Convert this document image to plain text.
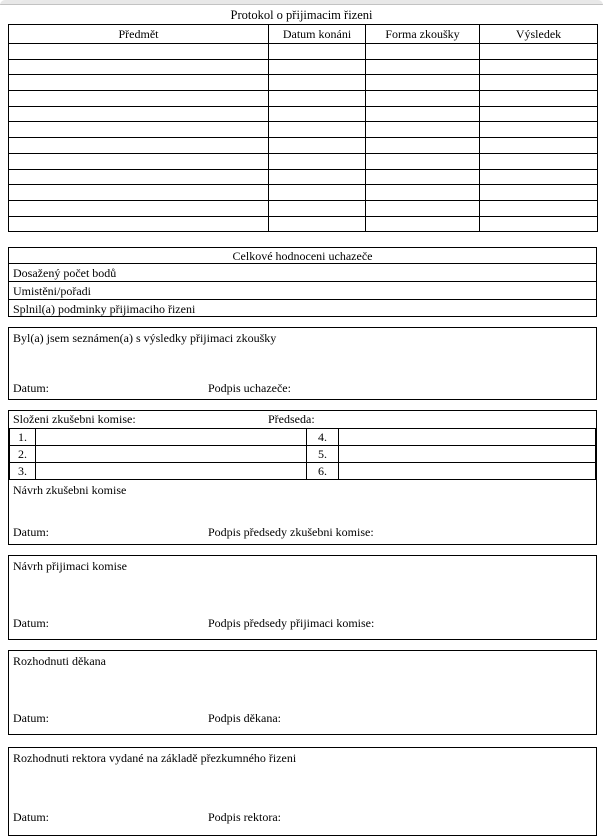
Protokol o přijimacim řizeni
Předmět	Datum konáni	Forma zkoušky	Výsledek

Celkové hodnoceni uchazeče
Dosažený počet bodů
Umistěni/pořadi
Splnil(a) podminky přijimaciho řizeni
Byl(a) jsem seznámen(a) s výsledky přijimaci zkoušky
Datum:	Podpis uchazeče:
Složeni zkušebni komise:	Předseda:
1.		4.	
2.		5.	
3.		6.	
Návrh zkušebni komise
Datum:	Podpis předsedy zkušebni komise:
Návrh přijimaci komise
Datum:	Podpis předsedy přijimaci komise:
Rozhodnuti děkana
Datum:	Podpis děkana:
Rozhodnuti rektora vydané na základě přezkumného řizeni
Datum:	Podpis rektora:
